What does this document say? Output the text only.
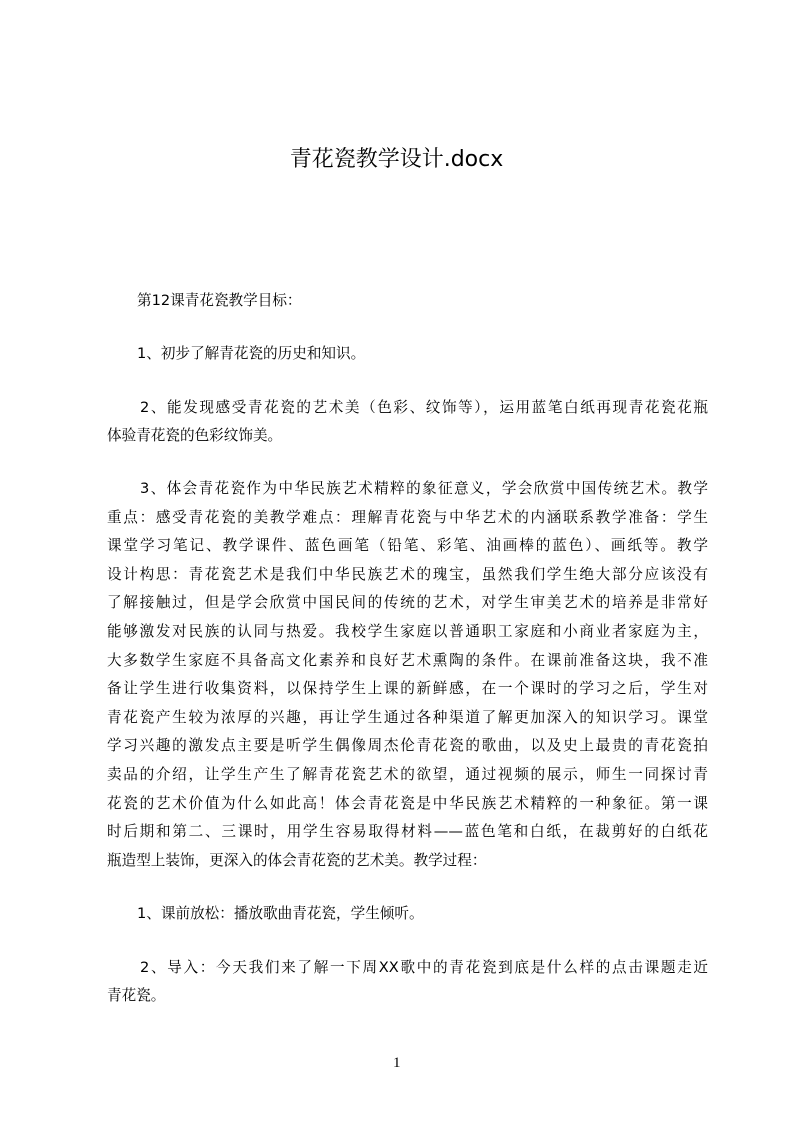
青花瓷教学设计.docx
第12课青花瓷教学目标：
1、初步了解青花瓷的历史和知识。
2、能发现感受青花瓷的艺术美（色彩、纹饰等），运用蓝笔白纸再现青花瓷花瓶
体验青花瓷的色彩纹饰美。
3、体会青花瓷作为中华民族艺术精粹的象征意义，学会欣赏中国传统艺术。教学
重点：感受青花瓷的美教学难点：理解青花瓷与中华艺术的内涵联系教学准备：学生
课堂学习笔记、教学课件、蓝色画笔（铅笔、彩笔、油画棒的蓝色）、画纸等。教学
设计构思：青花瓷艺术是我们中华民族艺术的瑰宝，虽然我们学生绝大部分应该没有
了解接触过，但是学会欣赏中国民间的传统的艺术，对学生审美艺术的培养是非常好
能够激发对民族的认同与热爱。我校学生家庭以普通职工家庭和小商业者家庭为主，
大多数学生家庭不具备高文化素养和良好艺术熏陶的条件。在课前准备这块，我不准
备让学生进行收集资料，以保持学生上课的新鲜感，在一个课时的学习之后，学生对
青花瓷产生较为浓厚的兴趣，再让学生通过各种渠道了解更加深入的知识学习。课堂
学习兴趣的激发点主要是听学生偶像周杰伦青花瓷的歌曲，以及史上最贵的青花瓷拍
卖品的介绍，让学生产生了解青花瓷艺术的欲望，通过视频的展示，师生一同探讨青
花瓷的艺术价值为什么如此高！体会青花瓷是中华民族艺术精粹的一种象征。第一课
时后期和第二、三课时，用学生容易取得材料——蓝色笔和白纸，在裁剪好的白纸花
瓶造型上装饰，更深入的体会青花瓷的艺术美。教学过程：
1、课前放松：播放歌曲青花瓷，学生倾听。
2、导入：今天我们来了解一下周XX歌中的青花瓷到底是什么样的点击课题走近
青花瓷。
1
